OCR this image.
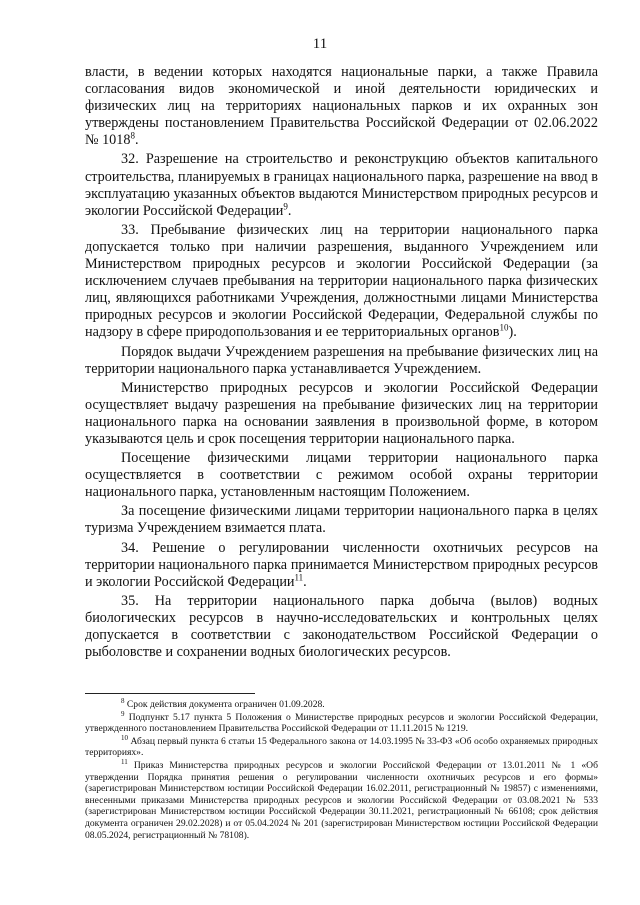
11

власти, в ведении которых находятся национальные парки, а также Правила согласования видов экономической и иной деятельности юридических и физических лиц на территориях национальных парков и их охранных зон утверждены постановлением Правительства Российской Федерации от 02.06.2022 № 1018$^8$.

32. Разрешение на строительство и реконструкцию объектов капитального строительства, планируемых в границах национального парка, разрешение на ввод в эксплуатацию указанных объектов выдаются Министерством природных ресурсов и экологии Российской Федерации$^9$.

33. Пребывание физических лиц на территории национального парка допускается только при наличии разрешения, выданного Учреждением или Министерством природных ресурсов и экологии Российской Федерации (за исключением случаев пребывания на территории национального парка физических лиц, являющихся работниками Учреждения, должностными лицами Министерства природных ресурсов и экологии Российской Федерации, Федеральной службы по надзору в сфере природопользования и ее территориальных органов$^{10}$).

Порядок выдачи Учреждением разрешения на пребывание физических лиц на территории национального парка устанавливается Учреждением.

Министерство природных ресурсов и экологии Российской Федерации осуществляет выдачу разрешения на пребывание физических лиц на территории национального парка на основании заявления в произвольной форме, в котором указываются цель и срок посещения территории национального парка.

Посещение физическими лицами территории национального парка осуществляется в соответствии с режимом особой охраны территории национального парка, установленным настоящим Положением.

За посещение физическими лицами территории национального парка в целях туризма Учреждением взимается плата.

34. Решение о регулировании численности охотничьих ресурсов на территории национального парка принимается Министерством природных ресурсов и экологии Российской Федерации$^{11}$.

35. На территории национального парка добыча (вылов) водных биологических ресурсов в научно-исследовательских и контрольных целях допускается в соответствии с законодательством Российской Федерации о рыболовстве и сохранении водных биологических ресурсов.

$^8$ Срок действия документа ограничен 01.09.2028.

$^9$ Подпункт 5.17 пункта 5 Положения о Министерстве природных ресурсов и экологии Российской Федерации, утвержденного постановлением Правительства Российской Федерации от 11.11.2015 № 1219.

$^{10}$ Абзац первый пункта 6 статьи 15 Федерального закона от 14.03.1995 № 33-ФЗ «Об особо охраняемых природных территориях».

$^{11}$ Приказ Министерства природных ресурсов и экологии Российской Федерации от 13.01.2011 № 1 «Об утверждении Порядка принятия решения о регулировании численности охотничьих ресурсов и его формы» (зарегистрирован Министерством юстиции Российской Федерации 16.02.2011, регистрационный № 19857) с изменениями, внесенными приказами Министерства природных ресурсов и экологии Российской Федерации от 03.08.2021 № 533 (зарегистрирован Министерством юстиции Российской Федерации 30.11.2021, регистрационный № 66108; срок действия документа ограничен 29.02.2028) и от 05.04.2024 № 201 (зарегистрирован Министерством юстиции Российской Федерации 08.05.2024, регистрационный № 78108).
